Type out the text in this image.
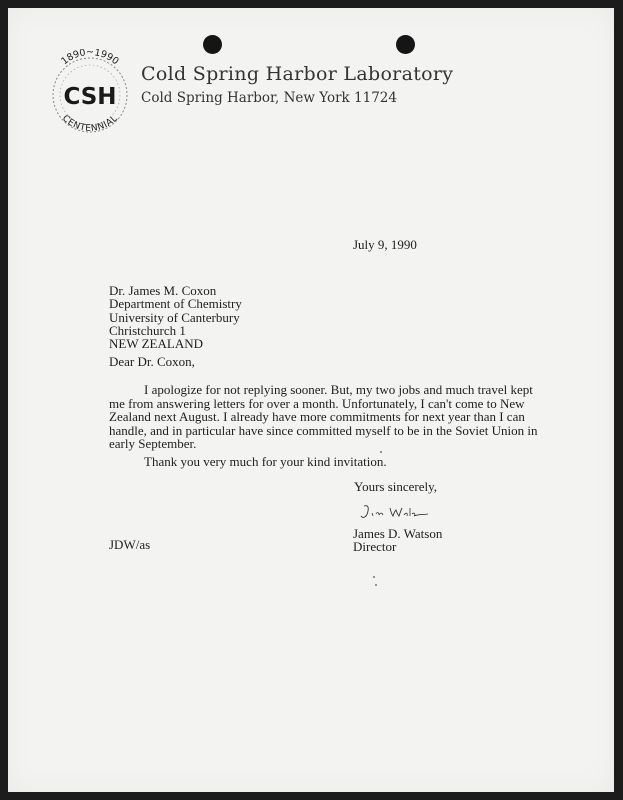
1890~1990
CENTENNIAL
CSH
Cold Spring Harbor Laboratory
Cold Spring Harbor, New York 11724
July 9, 1990
Dr. James M. Coxon
Department of Chemistry
University of Canterbury
Christchurch 1
NEW ZEALAND
Dear Dr. Coxon,
I apologize for not replying sooner. But, my two jobs and much travel kept
me from answering letters for over a month. Unfortunately, I can't come to New
Zealand next August. I already have more commitments for next year than I can
handle, and in particular have since committed myself to be in the Soviet Union in
early September.
Thank you very much for your kind invitation.
Yours sincerely,
James D. Watson
Director
JDW/as
